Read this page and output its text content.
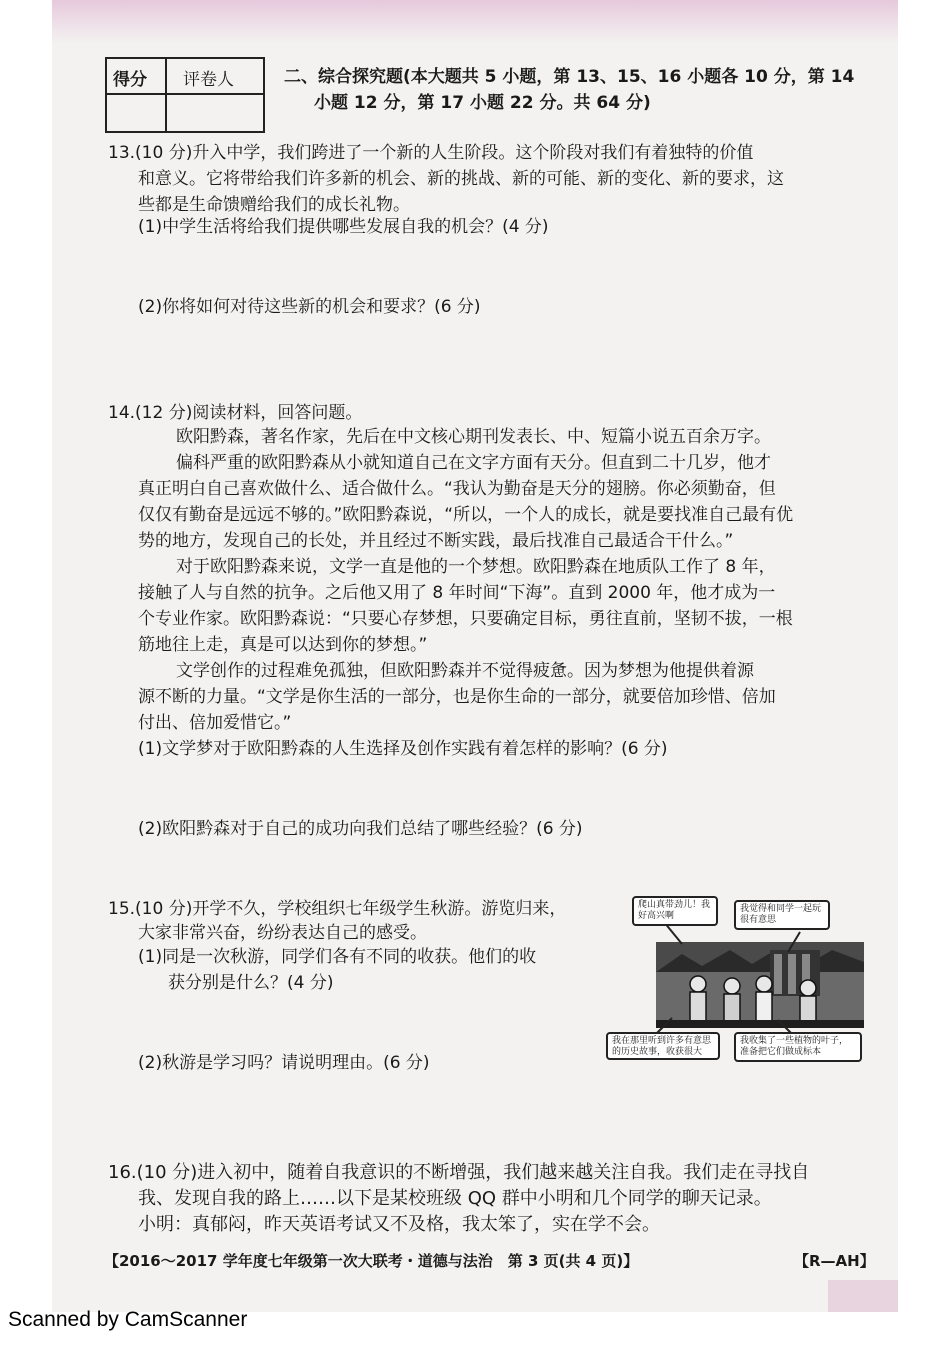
得分 评卷人	二、综合探究题(本大题共 5 小题，第 13、15、16 小题各 10 分，第 14
小题 12 分，第 17 小题 22 分。共 64 分)
13.(10 分)升入中学，我们跨进了一个新的人生阶段。这个阶段对我们有着独特的价值
和意义。它将带给我们许多新的机会、新的挑战、新的可能、新的变化、新的要求，这
些都是生命馈赠给我们的成长礼物。
(1)中学生活将给我们提供哪些发展自我的机会？(4 分)
(2)你将如何对待这些新的机会和要求？(6 分)
14.(12 分)阅读材料，回答问题。
欧阳黔森，著名作家，先后在中文核心期刊发表长、中、短篇小说五百余万字。
偏科严重的欧阳黔森从小就知道自己在文字方面有天分。但直到二十几岁，他才
真正明白自己喜欢做什么、适合做什么。“我认为勤奋是天分的翅膀。你必须勤奋，但
仅仅有勤奋是远远不够的。”欧阳黔森说，“所以，一个人的成长，就是要找准自己最有优
势的地方，发现自己的长处，并且经过不断实践，最后找准自己最适合干什么。”
对于欧阳黔森来说，文学一直是他的一个梦想。欧阳黔森在地质队工作了 8 年，
接触了人与自然的抗争。之后他又用了 8 年时间“下海”。直到 2000 年，他才成为一
个专业作家。欧阳黔森说：“只要心存梦想，只要确定目标，勇往直前，坚韧不拔，一根
筋地往上走，真是可以达到你的梦想。”
文学创作的过程难免孤独，但欧阳黔森并不觉得疲惫。因为梦想为他提供着源
源不断的力量。“文学是你生活的一部分，也是你生命的一部分，就要倍加珍惜、倍加
付出、倍加爱惜它。”
(1)文学梦对于欧阳黔森的人生选择及创作实践有着怎样的影响？(6 分)
(2)欧阳黔森对于自己的成功向我们总结了哪些经验？(6 分)
15.(10 分)开学不久，学校组织七年级学生秋游。游览归来，
大家非常兴奋，纷纷表达自己的感受。
(1)同是一次秋游，同学们各有不同的收获。他们的收
获分别是什么？(4 分)
(2)秋游是学习吗？请说明理由。(6 分)
爬山真带劲儿！我好高兴啊
我觉得和同学一起玩很有意思
我在那里听到许多有意思的历史故事，收获很大
我收集了一些植物的叶子，准备把它们做成标本
16.(10 分)进入初中，随着自我意识的不断增强，我们越来越关注自我。我们走在寻找自
我、发现自我的路上……以下是某校班级 QQ 群中小明和几个同学的聊天记录。
小明：真郁闷，昨天英语考试又不及格，我太笨了，实在学不会。
【2016～2017 学年度七年级第一次大联考・道德与法治　第 3 页(共 4 页)】	【R—AH】
Scanned by CamScanner
